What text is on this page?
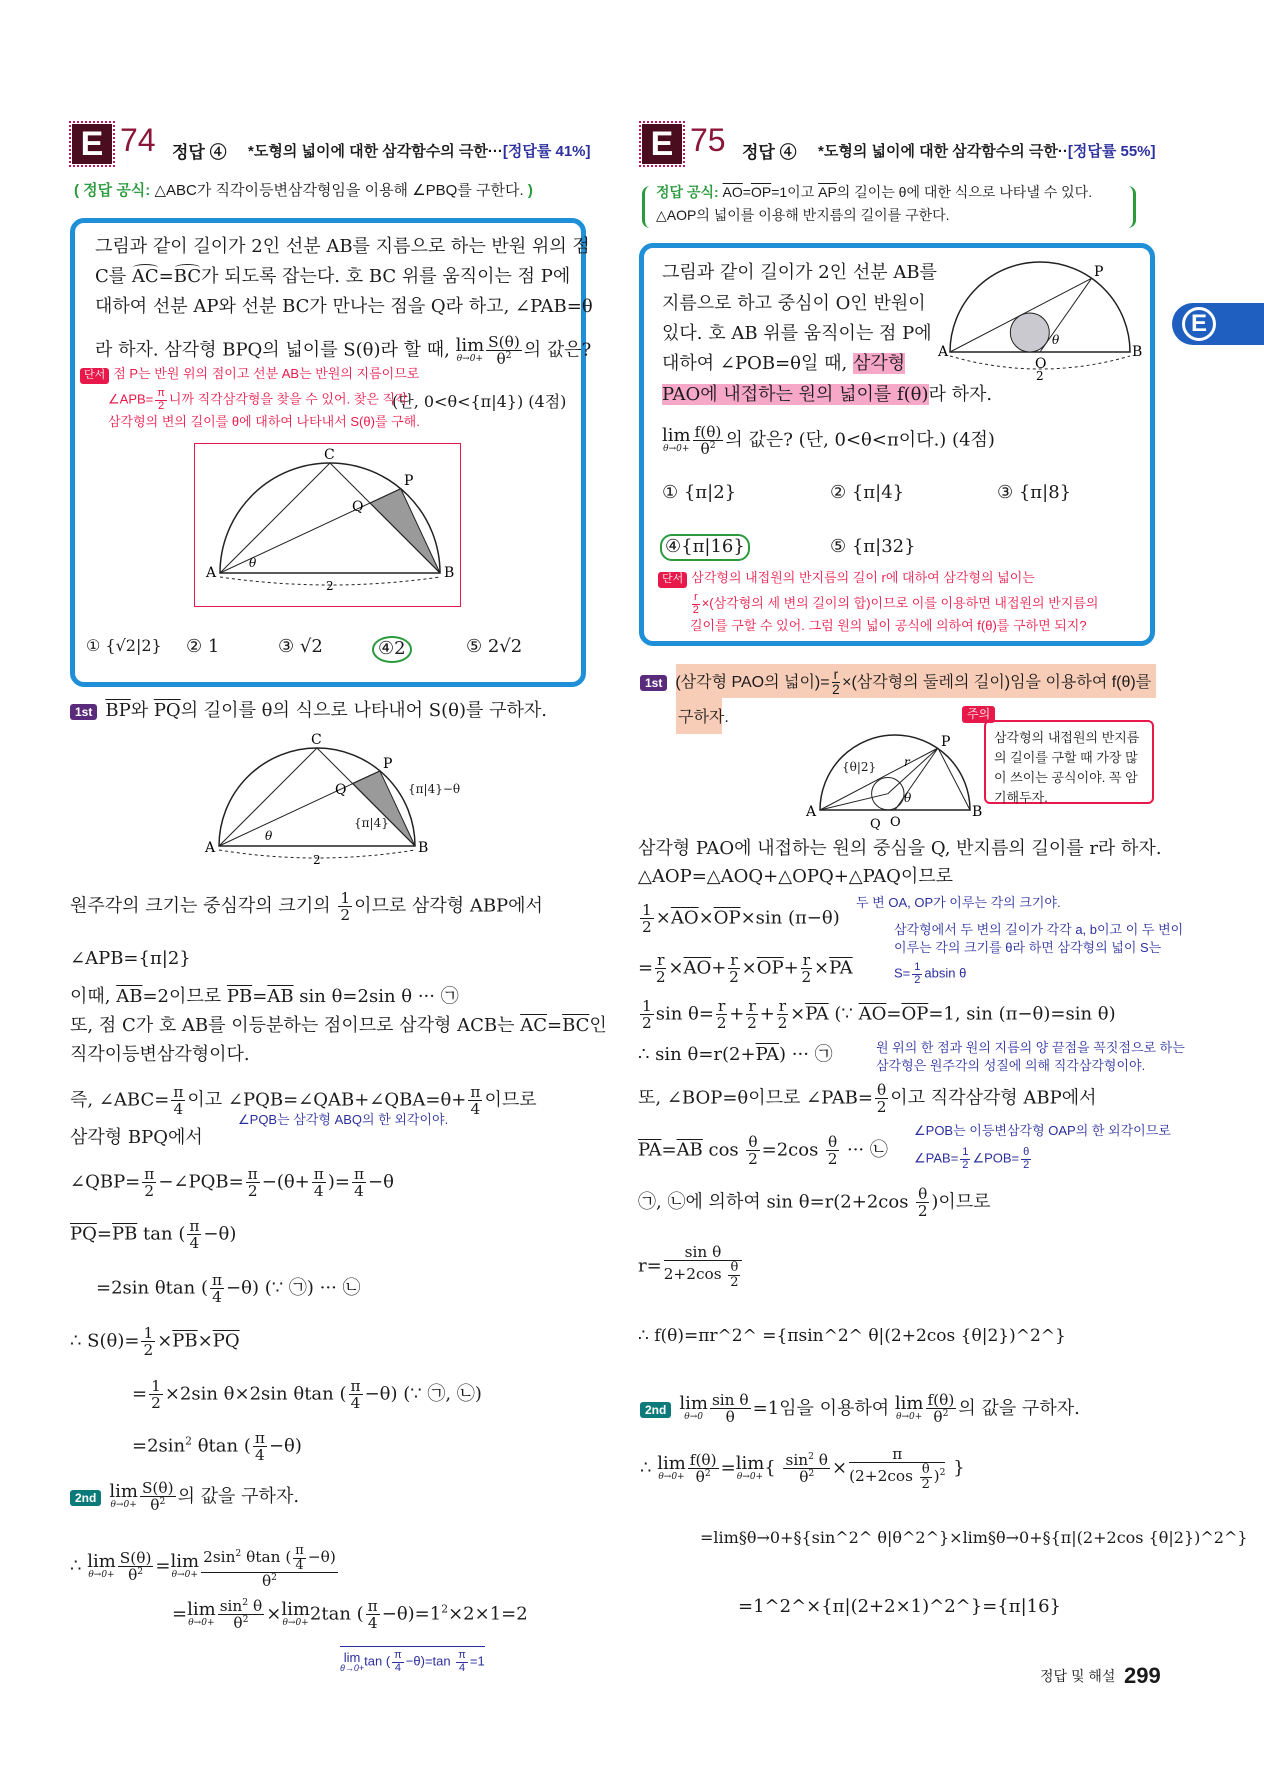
E 74 정답 ④ *도형의 넓이에 대한 삼각함수의 극한···[정답률 41%]
( 정답 공식: △ABC가 직각이등변삼각형임을 이용해 ∠PBQ를 구한다. )
그림과 같이 길이가 2인 선분 AB를 지름으로 하는 반원 위의 점
C를 AC=BC가 되도록 잡는다. 호 BC 위를 움직이는 점 P에
대하여 선분 AP와 선분 BC가 만나는 점을 Q라 하고, ∠PAB=θ
라 하자. 삼각형 BPQ의 넓이를 S(θ)라 할 때, lim
$\theta\to 0+ \frac{S(\theta)}{\theta^2}$ 의 값은?
(단, 0<θ<{π|4}) (4점)
단서 점 P는 반원 위의 점이고 선분 AB는 반원의 지름이므로
∠APB= $\frac{\pi}{2}$ 니까 직각삼각형을 찾을 수 있어. 찾은 직각
삼각형의 변의 길이를 θ에 대하여 나타내서 S(θ)를 구해.
A	B
C
P
Q
θ
2
① {√2|2} ② 1	③ √2	④2	⑤ 2√2
1st $\overline{BP}$와 $\overline{PQ}$의 길이를 θ의 식으로 나타내어 S(θ)를 구하자.
A	B
C
P
Q
θ
2
{π|4}
{π|4}−θ
원주각의 크기는 중심각의 크기의 $\frac{1}{2}$ 이므로 삼각형 ABP에서
∠APB={π|2}
이때, $\overline{AB}=2$이므로 $\overline{PB}=\overline{AB}$ sin θ=2sin θ ··· ㉠
또, 점 C가 호 AB를 이등분하는 점이므로 삼각형 ACB는 $\overline{AC}=\overline{BC}$인
직각이등변삼각형이다.
즉, ∠ABC= $\frac{\pi}{4}$ 이고 ∠PQB=∠QAB+∠QBA=θ+ $\frac{\pi}{4}$ 이므로
∠PQB는 삼각형 ABQ의 한 외각이야.
삼각형 BPQ에서
∠QBP= $\frac{\pi}{2}$ −∠PQB= $\frac{\pi}{2} -(\theta+ \frac{\pi}{4}$ )= $\frac{\pi}{4} -\theta$
$\overline{PQ}=\overline{PB}$ tan ( $\frac{\pi}{4} -\theta$)
=2sin θtan ( $\frac{\pi}{4} -\theta$) (∵ ㉠) ··· ㉡
∴ $S(\theta)= \frac{1}{2} \times\overline{PB}\times\overline{PQ}$
= $\frac{1}{2} \times 2\sin$ θ×2sin θtan ( $\frac{\pi}{4} -\theta$) (∵ ㉠, ㉡)
$=2\sin^2$ θtan ( $\frac{\pi}{4} -\theta$)
2nd lim
$\theta\to 0+ \frac{S(\theta)}{\theta^2}$ 의 값을 구하자.
∴ lim
$\theta\to 0+ \frac{S(\theta)}{\theta^2} =\lim$
$\theta\to 0+ \frac{2\sin^2 \theta\tan ( \frac{\pi}{4} -\theta)}{\theta^2}$
=lim
$\theta\to 0+ \frac{\sin^2 \theta}{\theta^2} \times\lim$
θ→0+ 2tan ( $\frac{\pi}{4} -\theta)=1^2\times 2\times 1=2$
lim
θ→0+ tan ( $\frac{\pi}{4} -\theta)=\tan \frac{\pi}{4} =1$
E 75 정답 ④ *도형의 넓이에 대한 삼각함수의 극한··[정답률 55%]
정답 공식: $\overline{AO}=\overline{OP}=1$이고 $\overline{AP}$의 길이는 θ에 대한 식으로 나타낼 수 있다.
△AOP의 넓이를 이용해 반지름의 길이를 구한다.
그림과 같이 길이가 2인 선분 AB를
지름으로 하고 중심이 O인 반원이
있다. 호 AB 위를 움직이는 점 P에
대하여 ∠POB=θ일 때, 삼각형
PAO에 내접하는 원의 넓이를 f(θ)라 하자.
lim
$\theta\to 0+ \frac{f(\theta)}{\theta^2}$ 의 값은? (단, 0<θ<π이다.) (4점)
A	B
O
P
θ
2
① {π|2}	② {π|4}	③ {π|8}
④{π|16}	⑤ {π|32}
단서 삼각형의 내접원의 반지름의 길이 r에 대하여 삼각형의 넓이는
$\frac{r}{2}$ ×(삼각형의 세 변의 길이의 합)이므로 이를 이용하면 내접원의 반지름의
길이를 구할 수 있어. 그럼 원의 넓이 공식에 의하여 f(θ)를 구하면 되지?
1st (삼각형 PAO의 넓이)= $\frac{r}{2}$ ×(삼각형의 둘레의 길이)임을 이용하여 f(θ)를
구하자.
A	B
O
Q
P
r
θ
{θ|2}
삼각형의 내접원의 반지름의 길이를 구할 때 가장 많이 쓰이는 공식이야. 꼭 암기해두자.
주의
삼각형 PAO에 내접하는 원의 중심을 Q, 반지름의 길이를 r라 하자.
△AOP=△AOQ+△OPQ+△PAQ이므로
$\frac{1}{2} \times\overline{AO}\times\overline{OP}\times\sin$ (π−θ)
두 변 OA, OP가 이루는 각의 크기야.
삼각형에서 두 변의 길이가 각각 a, b이고 이 두 변이
이루는 각의 크기를 θ라 하면 삼각형의 넓이 S는
$S= \frac{1}{2}$ absin θ
= $\frac{r}{2} \times\overline{AO}+ \frac{r}{2} \times\overline{OP}+ \frac{r}{2} \times\overline{PA}$
$\frac{1}{2}$ $\sin \theta= \frac{r}{2} + \frac{r}{2} + \frac{r}{2} \times\overline{PA}$ (∵ $\overline{AO}=\overline{OP}=1$, sin (π−θ)=sin θ)
∴ $\sin \theta=r(2+\overline{PA})$ ··· ㉠	원 위의 한 점과 원의 지름의 양 끝점을 꼭짓점으로 하는
삼각형은 원주각의 성질에 의해 직각삼각형이야.
또, ∠BOP=θ이므로 ∠PAB= $\frac{\theta}{2}$ 이고 직각삼각형 ABP에서
∠POB는 이등변삼각형 OAP의 한 외각이므로
∠PAB= $\frac{1}{2}$ ∠POB= $\frac{\theta}{2}$
$\overline{PA}=\overline{AB}$ $\cos \frac{\theta}{2} =2\cos \frac{\theta}{2}$ ··· ㉡
㉠, ㉡에 의하여 $\sin \theta=r(2+2\cos \frac{\theta}{2}$ )이므로
$r= \frac{\text{sin θ}}{2+2\cos \frac{\theta}{2}}$
∴ f(θ)=πr^2^ ={πsin^2^ θ|(2+2cos {θ|2})^2^}
2nd lim
$\theta\to 0 \frac{\text{sin θ}}{\theta} =1$임을 이용하여 lim
$\theta\to 0+ \frac{f(\theta)}{\theta^2}$ 의 값을 구하자.
∴ lim
$\theta\to 0+ \frac{f(\theta)}{\theta^2} =\lim$
θ→0+ { $\frac{\sin^2 \theta}{\theta^2} \times \frac{\pi}{(2+2\cos \frac{\theta}{2} )^2}$ }
=lim§θ→0+§{sin^2^ θ|θ^2^}×lim§θ→0+§{π|(2+2cos {θ|2})^2^}
=1^2^×{π|(2+2×1)^2^}={π|16}
E
정답 및 해설 299
